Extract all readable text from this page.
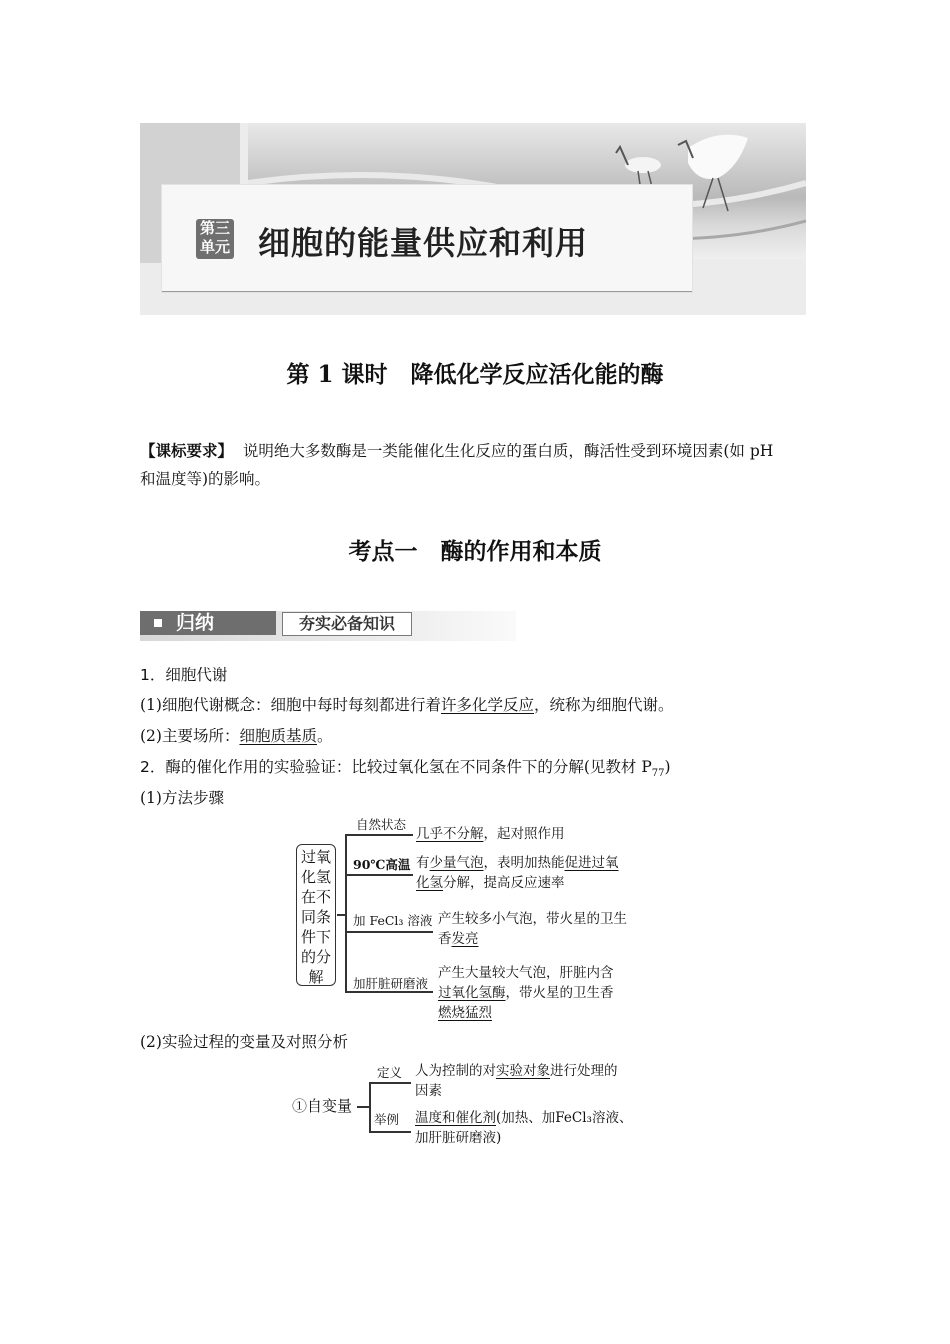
第三
单元 细胞的能量供应和利用
第 1 课时　降低化学反应活化能的酶
【课标要求】 说明绝大多数酶是一类能催化生化反应的蛋白质，酶活性受到环境因素(如 pH
和温度等)的影响。
考点一　酶的作用和本质
归纳	夯实必备知识
1．细胞代谢
(1)细胞代谢概念：细胞中每时每刻都进行着许多化学反应，统称为细胞代谢。
(2)主要场所：细胞质基质。
2．酶的催化作用的实验验证：比较过氧化氢在不同条件下的分解(见教材 $P_{77}$)
(1)方法步骤
过氧
化氢
在不
同条
件下
的分
解
自然状态
几乎不分解，起对照作用
90℃高温 有少量气泡，表明加热能促进过氧
化氢分解，提高反应速率
加 FeCl₃ 溶液 产生较多小气泡，带火星的卫生
香发亮
加肝脏研磨液
产生大量较大气泡，肝脏内含
过氧化氢酶，带火星的卫生香
燃烧猛烈
(2)实验过程的变量及对照分析
①自变量
定义
举例
人为控制的对实验对象进行处理的
因素
温度和催化剂(加热、加FeCl₃溶液、
加肝脏研磨液)
